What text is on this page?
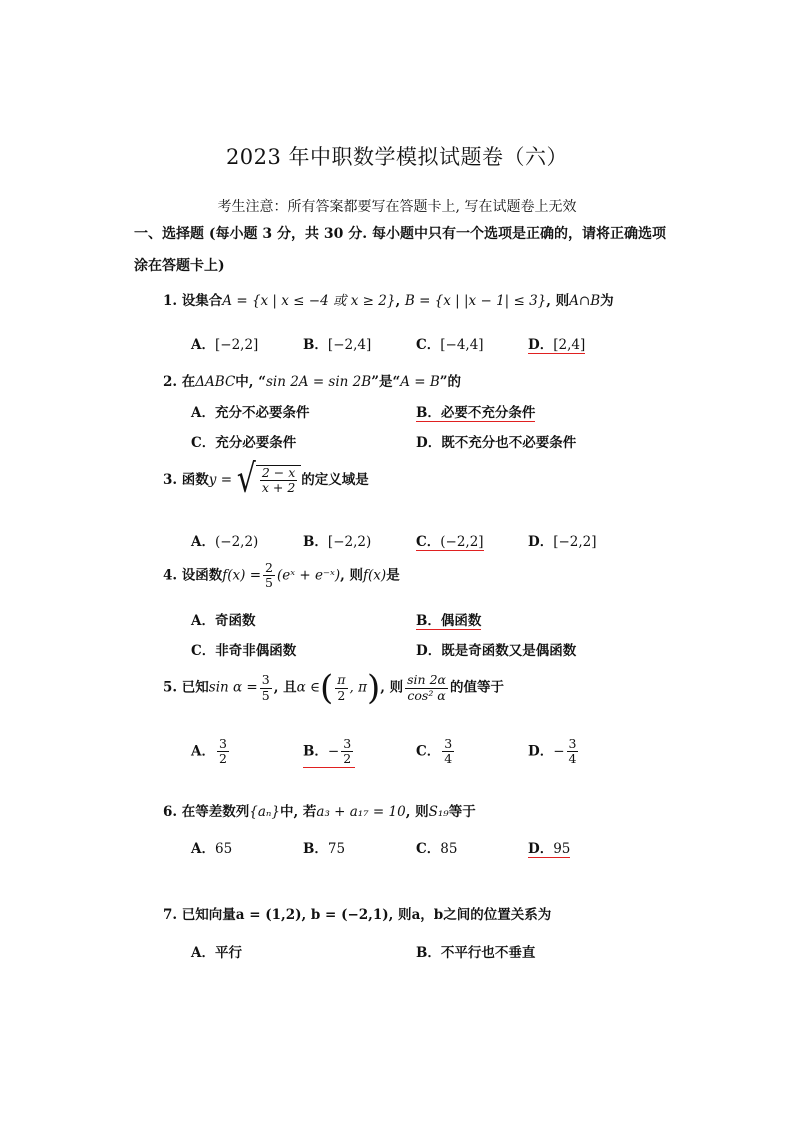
2023 年中职数学模拟试题卷（六）
考生注意：所有答案都要写在答题卡上, 写在试题卷上无效
一、选择题 (每小题 3 分，共 30 分. 每小题中只有一个选项是正确的，请将正确选项
涂在答题卡上)
1. 设集合A = {x | x ≤ −4 或 x ≥ 2}, B = {x | |x − 1| ≤ 3}, 则A∩B为
A．[−2,2]	B．[−2,4]	C．[−4,4]	D．[2,4]
2. 在ΔABC中, “sin 2A = sin 2B”是“A = B”的
A．充分不必要条件	B．必要不充分条件
C．充分必要条件	D．既不充分也不必要条件
3. 函数y = √ $\frac{2 - x}{x + 2}$ 的定义域是
A．(−2,2)	B．[−2,2)	C．(−2,2]	D．[−2,2]
4. 设函数$f(x) = \frac{2}{5}$ (eˣ + e⁻ˣ), 则f(x)是
A．奇函数	B．偶函数
C．非奇非偶函数	D．既是奇函数又是偶函数
5. 已知$\sin \alpha = \frac{3}{5}$ , 且α ∈( $\frac{\pi}{2}$ , π), 则 $\frac{\sin 2\alpha}{\text{cos² α}}$ 的值等于
A． $\frac{3}{2}$	B．− $\frac{3}{2}$	C． $\frac{3}{4}$	D．− $\frac{3}{4}$
6. 在等差数列{aₙ}中, 若a₃ + a₁₇ = 10, 则S₁₉等于
A．65	B．75	C．85	D．95
7. 已知向量a = (1,2), b = (−2,1), 则a，b之间的位置关系为
A．平行	B．不平行也不垂直
